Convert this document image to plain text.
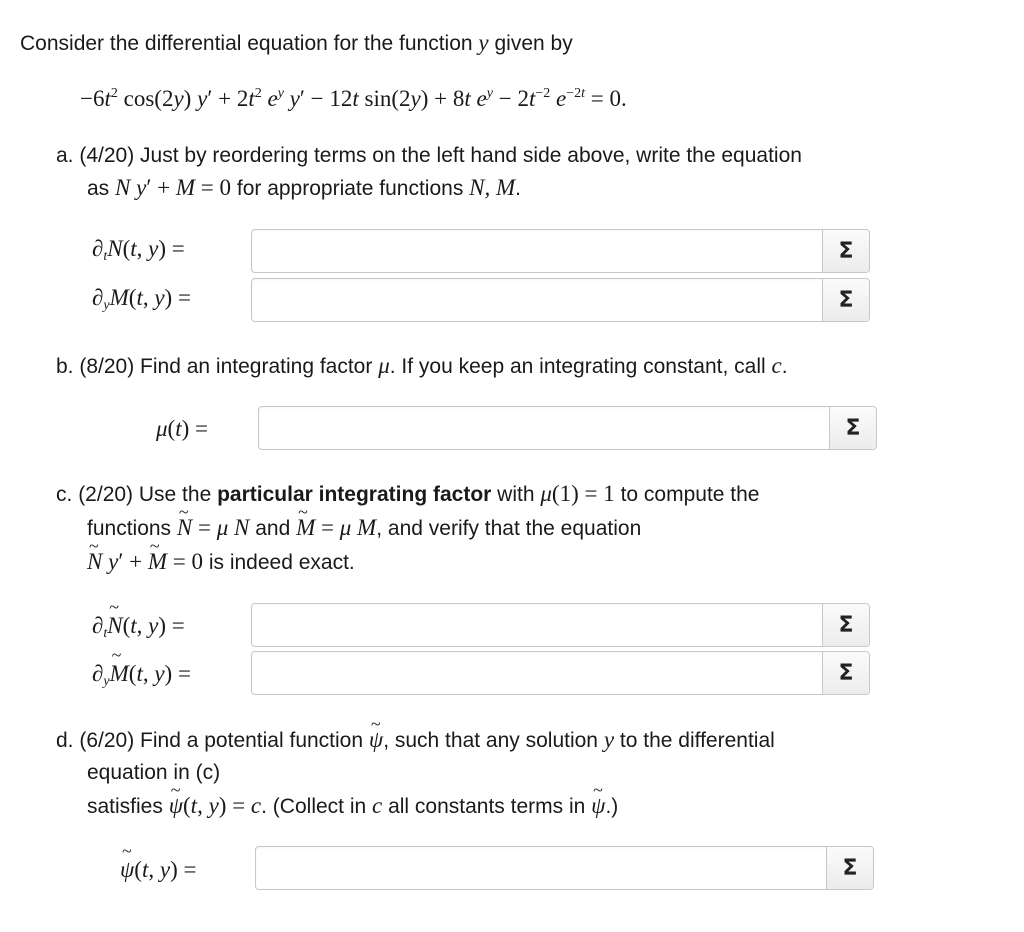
Consider the differential equation for the function y given by
$-6t^2$ cos(2y) $y' + 2t^2$ $e^y$ y′ − 12t sin(2y) + 8t $e^y - 2t^{-2}$ $e^{-2t} = 0$.
a. (4/20) Just by reordering terms on the left hand side above, write the equation
as N y′ + M = 0 for appropriate functions N, M.
$\partial_tN(t$, y) =	Σ
$\partial_yM(t$, y) =	Σ
b. (8/20) Find an integrating factor μ. If you keep an integrating constant, call c.
μ(t) =	Σ
c. (2/20) Use the particular integrating factor with μ(1) = 1 to compute the
functions ~ N = μ N and ~ M = μ M, and verify that the equation
~ N y′ + ~ M = 0 is indeed exact.
$\partial_t\sim$ N(t, y) =	Σ
$\partial_y\sim$ M(t, y) =	Σ
d. (6/20) Find a potential function ~ ψ, such that any solution y to the differential
equation in (c)
satisfies ~ ψ(t, y) = c. (Collect in c all constants terms in ~ ψ.)
~ ψ(t, y) =	Σ
